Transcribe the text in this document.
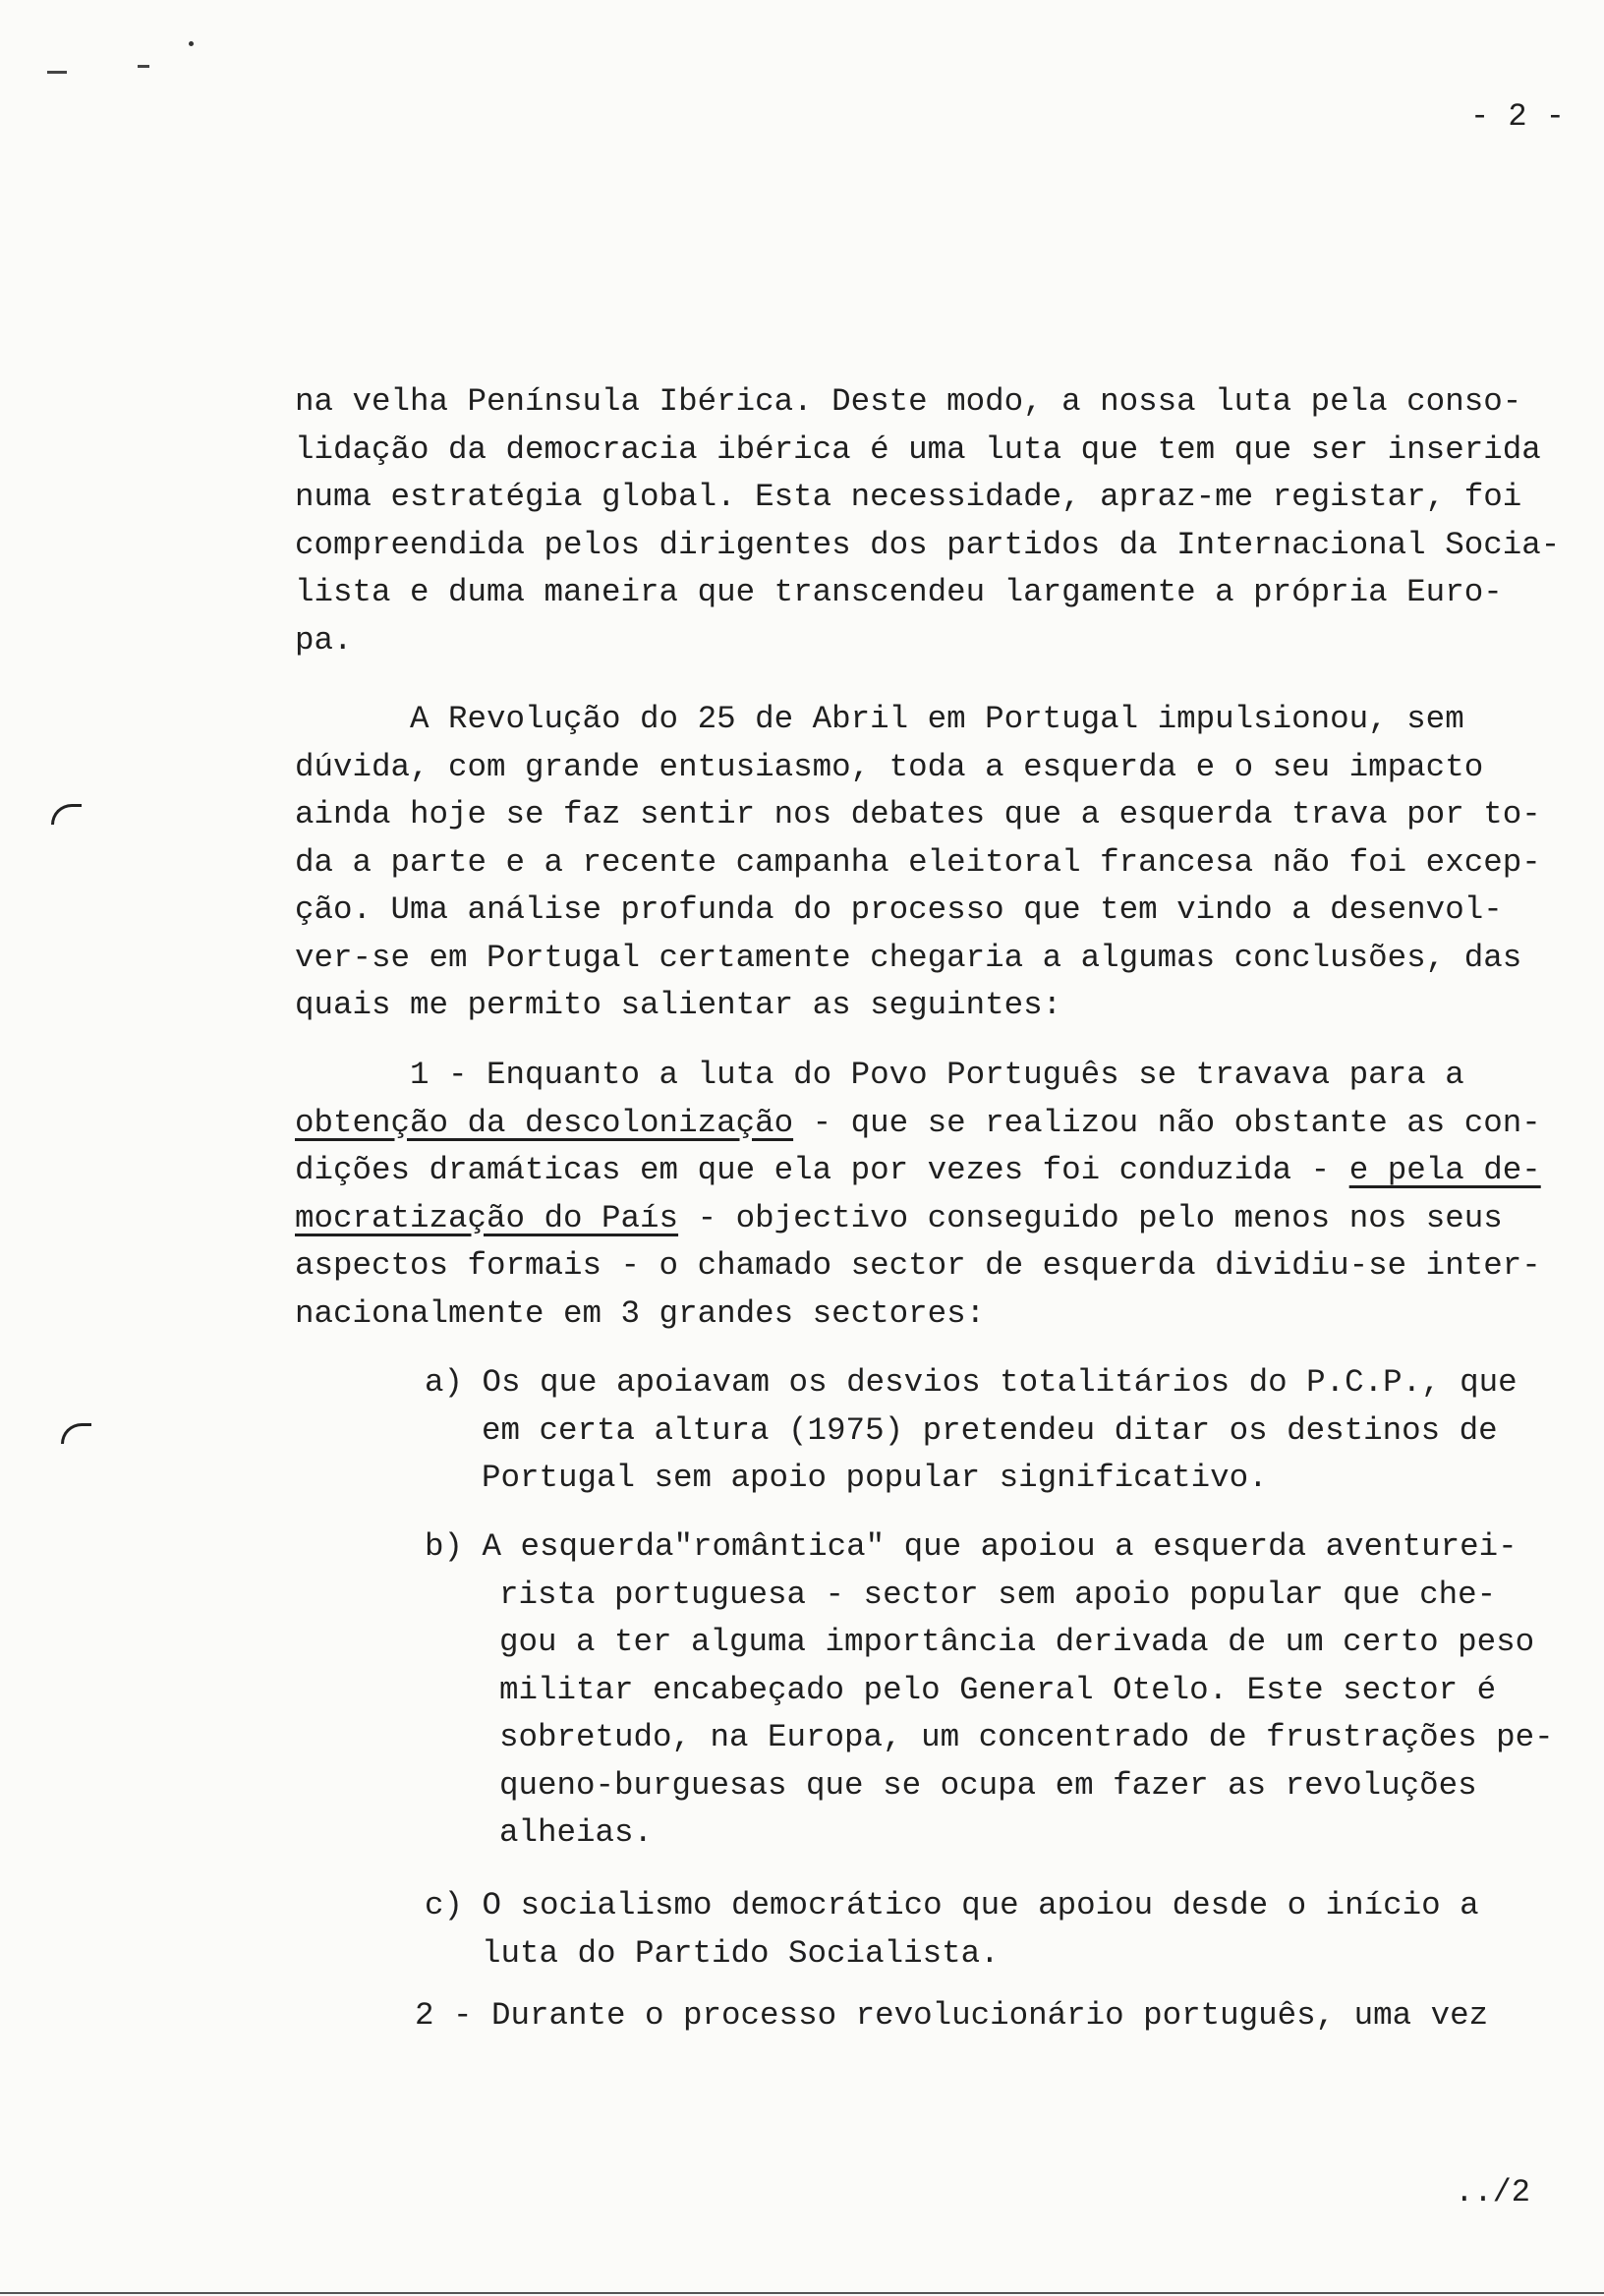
- 2 -
na velha Península Ibérica. Deste modo, a nossa luta pela conso-
lidação da democracia ibérica é uma luta que tem que ser inserida
numa estratégia global. Esta necessidade, apraz-me registar, foi
compreendida pelos dirigentes dos partidos da Internacional Socia-
lista e duma maneira que transcendeu largamente a própria Euro-
pa.
A Revolução do 25 de Abril em Portugal impulsionou, sem
dúvida, com grande entusiasmo, toda a esquerda e o seu impacto
ainda hoje se faz sentir nos debates que a esquerda trava por to-
da a parte e a recente campanha eleitoral francesa não foi excep-
ção. Uma análise profunda do processo que tem vindo a desenvol-
ver-se em Portugal certamente chegaria a algumas conclusões, das
quais me permito salientar as seguintes:
1 - Enquanto a luta do Povo Português se travava para a
obtenção da descolonização - que se realizou não obstante as con-
dições dramáticas em que ela por vezes foi conduzida - e pela de-
mocratização do País - objectivo conseguido pelo menos nos seus
aspectos formais - o chamado sector de esquerda dividiu-se inter-
nacionalmente em 3 grandes sectores:
a) Os que apoiavam os desvios totalitários do P.C.P., que
em certa altura (1975) pretendeu ditar os destinos de
Portugal sem apoio popular significativo.
b) A esquerda"romântica" que apoiou a esquerda aventurei-
rista portuguesa - sector sem apoio popular que che-
gou a ter alguma importância derivada de um certo peso
militar encabeçado pelo General Otelo. Este sector é
sobretudo, na Europa, um concentrado de frustrações pe-
queno-burguesas que se ocupa em fazer as revoluções
alheias.
c) O socialismo democrático que apoiou desde o início a
luta do Partido Socialista.
2 - Durante o processo revolucionário português, uma vez
../2
